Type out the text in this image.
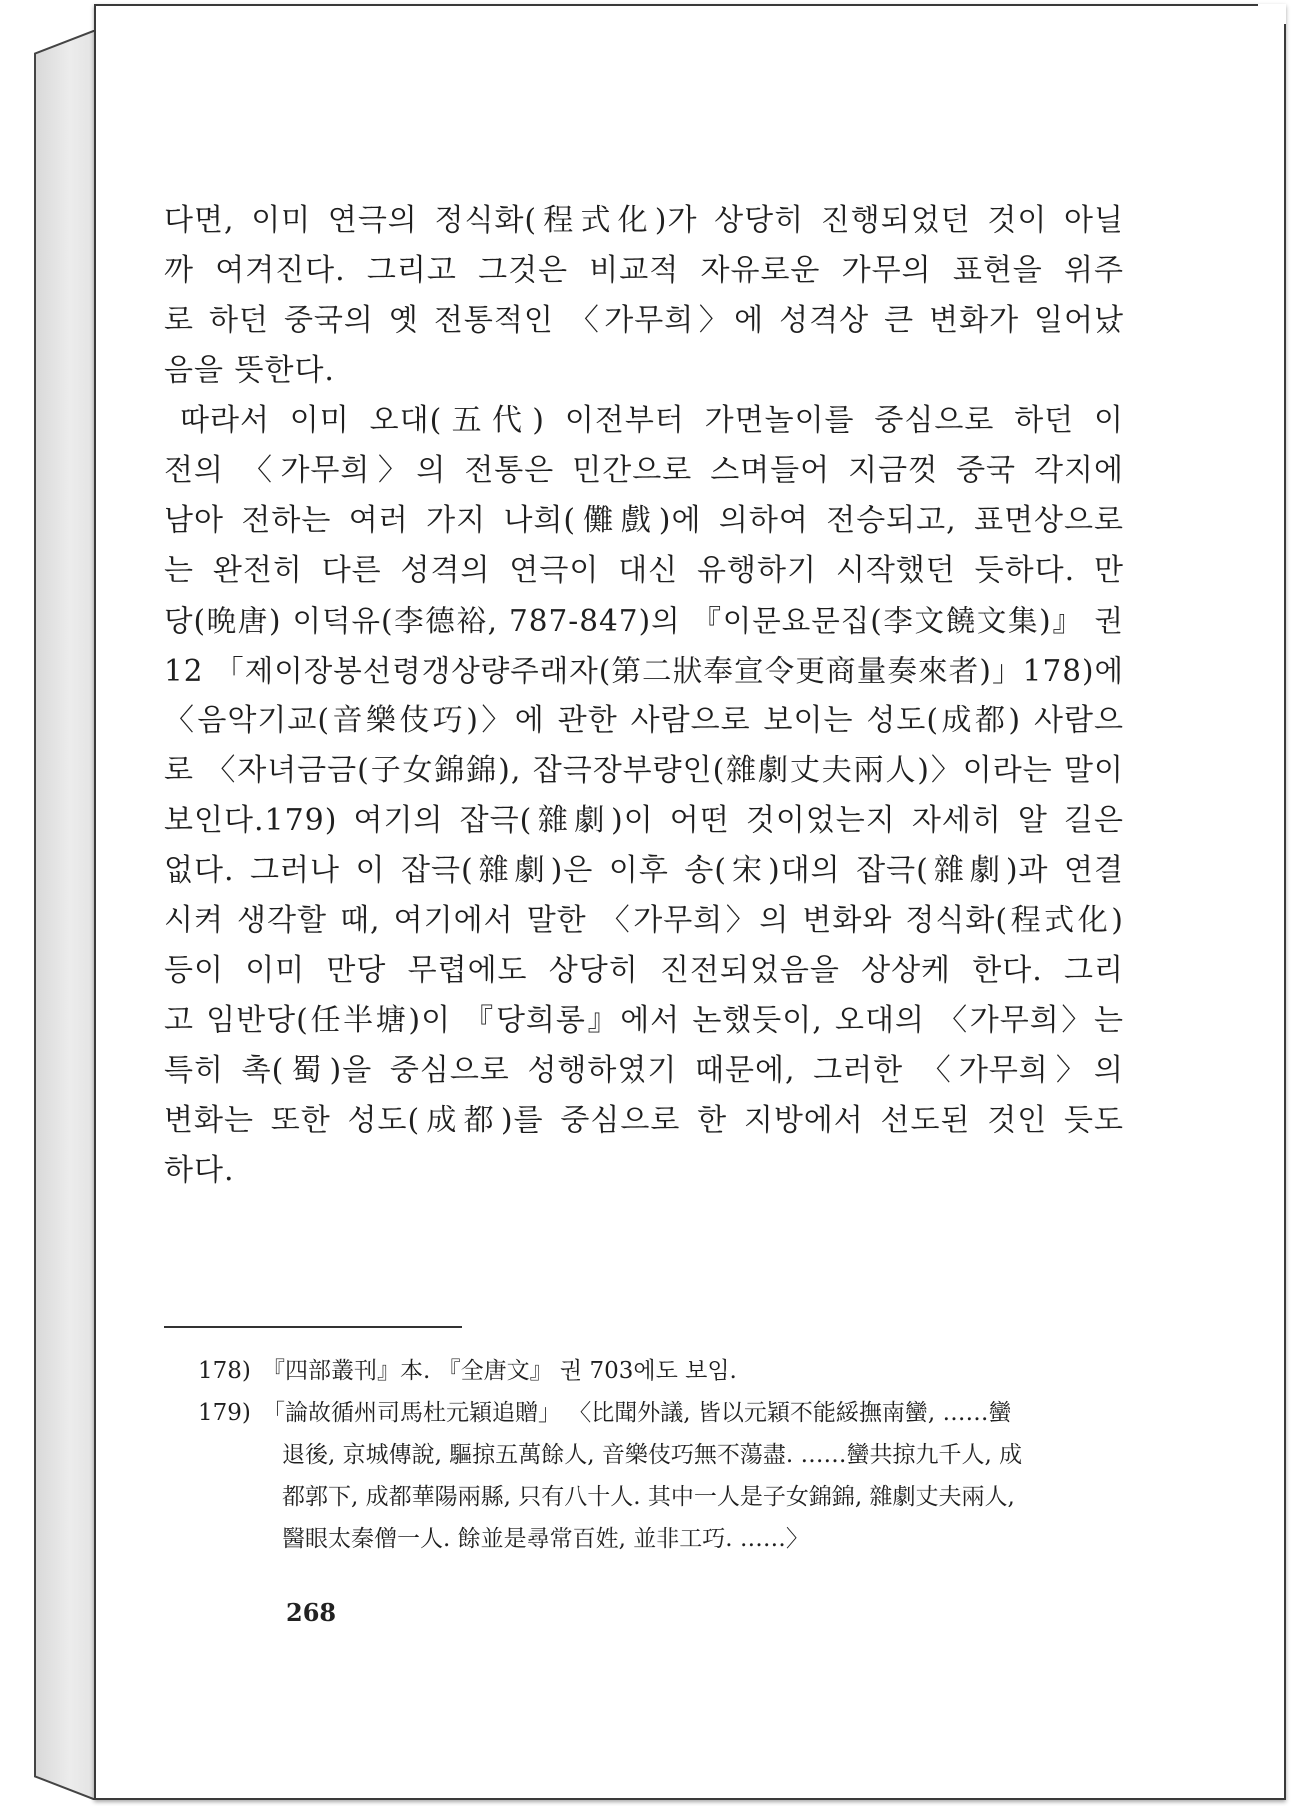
다면, 이미 연극의 정식화(程式化)가 상당히 진행되었던 것이 아닐
까 여겨진다. 그리고 그것은 비교적 자유로운 가무의 표현을 위주
로 하던 중국의 옛 전통적인 〈가무희〉에 성격상 큰 변화가 일어났
음을 뜻한다.

따라서 이미 오대(五代) 이전부터 가면놀이를 중심으로 하던 이
전의 〈가무희〉의 전통은 민간으로 스며들어 지금껏 중국 각지에
남아 전하는 여러 가지 나희(儺戲)에 의하여 전승되고, 표면상으로
는 완전히 다른 성격의 연극이 대신 유행하기 시작했던 듯하다. 만
당(晩唐) 이덕유(李德裕, 787-847)의 『이문요문집(李文饒文集)』 권
12 「제이장봉선령갱상량주래자(第二狀奉宣令更商量奏來者)」178)에
〈음악기교(音樂伎巧)〉에 관한 사람으로 보이는 성도(成都) 사람으
로 〈자녀금금(子女錦錦), 잡극장부량인(雜劇丈夫兩人)〉이라는 말이
보인다.179) 여기의 잡극(雜劇)이 어떤 것이었는지 자세히 알 길은
없다. 그러나 이 잡극(雜劇)은 이후 송(宋)대의 잡극(雜劇)과 연결
시켜 생각할 때, 여기에서 말한 〈가무희〉의 변화와 정식화(程式化)
등이 이미 만당 무렵에도 상당히 진전되었음을 상상케 한다. 그리
고 임반당(任半塘)이 『당희롱』에서 논했듯이, 오대의 〈가무희〉는
특히 촉(蜀)을 중심으로 성행하였기 때문에, 그러한 〈가무희〉의
변화는 또한 성도(成都)를 중심으로 한 지방에서 선도된 것인 듯도
하다.

178) 『四部叢刊』本. 『全唐文』 권 703에도 보임.

179) 「論故循州司馬杜元穎追贈」 〈比聞外議, 皆以元穎不能綏撫南蠻, ……蠻
退後, 京城傳說, 驅掠五萬餘人, 音樂伎巧無不蕩盡. ……蠻共掠九千人, 成
都郭下, 成都華陽兩縣, 只有八十人. 其中一人是子女錦錦, 雜劇丈夫兩人,
醫眼太秦僧一人. 餘並是尋常百姓, 並非工巧. ……〉

268
